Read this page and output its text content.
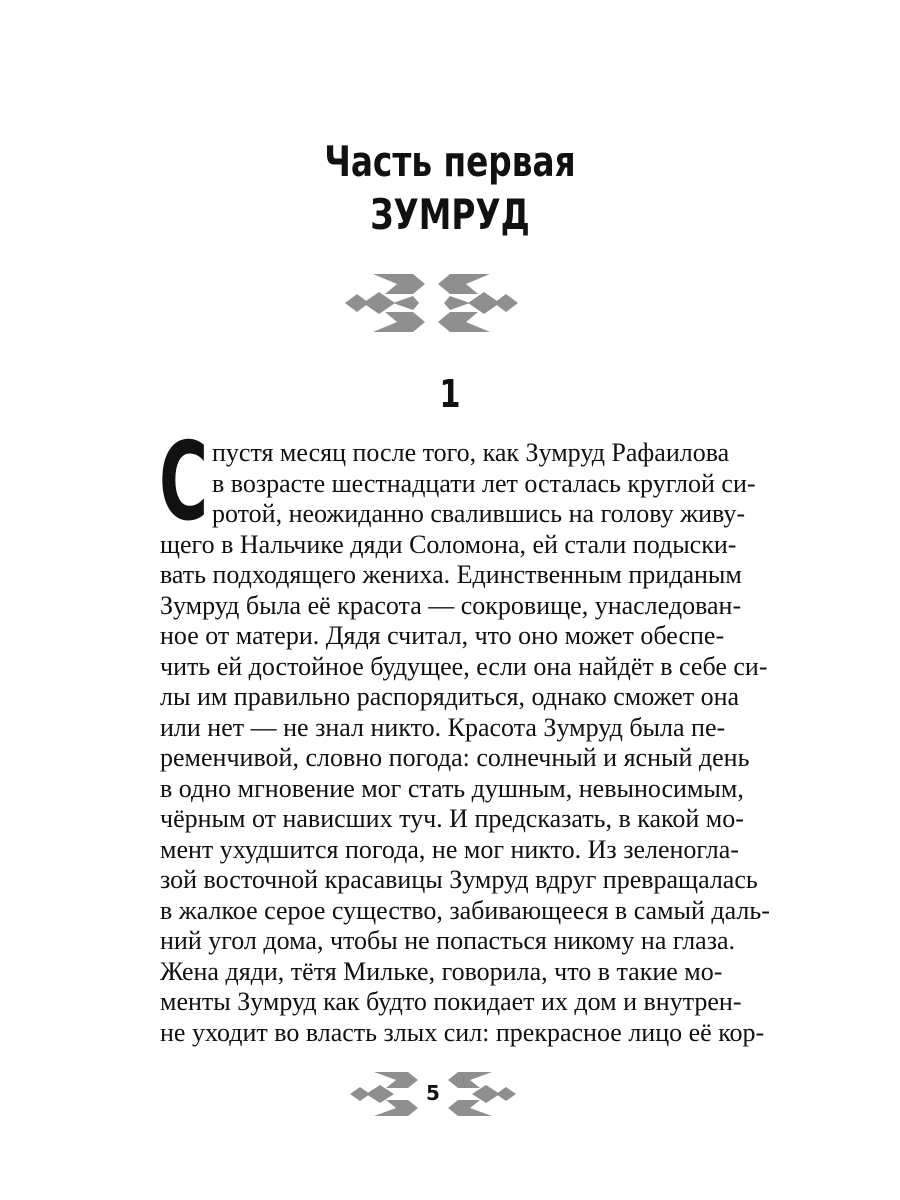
Часть первая
ЗУМРУД
1
С пустя месяц после того, как Зумруд Рафаилова
в возрасте шестнадцати лет осталась круглой си-
ротой, неожиданно свалившись на голову живу-
щего в Нальчике дяди Соломона, ей стали подыски-
вать подходящего жениха. Единственным приданым
Зумруд была её красота — сокровище, унаследован-
ное от матери. Дядя считал, что оно может обеспе-
чить ей достойное будущее, если она найдёт в себе си-
лы им правильно распорядиться, однако сможет она
или нет — не знал никто. Красота Зумруд была пе-
ременчивой, словно погода: солнечный и ясный день
в одно мгновение мог стать душным, невыносимым,
чёрным от нависших туч. И предсказать, в какой мо-
мент ухудшится погода, не мог никто. Из зеленогла-
зой восточной красавицы Зумруд вдруг превращалась
в жалкое серое существо, забивающееся в самый даль-
ний угол дома, чтобы не попасться никому на глаза.
Жена дяди, тётя Мильке, говорила, что в такие мо-
5
менты Зумруд как будто покидает их дом и внутрен-
не уходит во власть злых сил: прекрасное лицо её кор-
